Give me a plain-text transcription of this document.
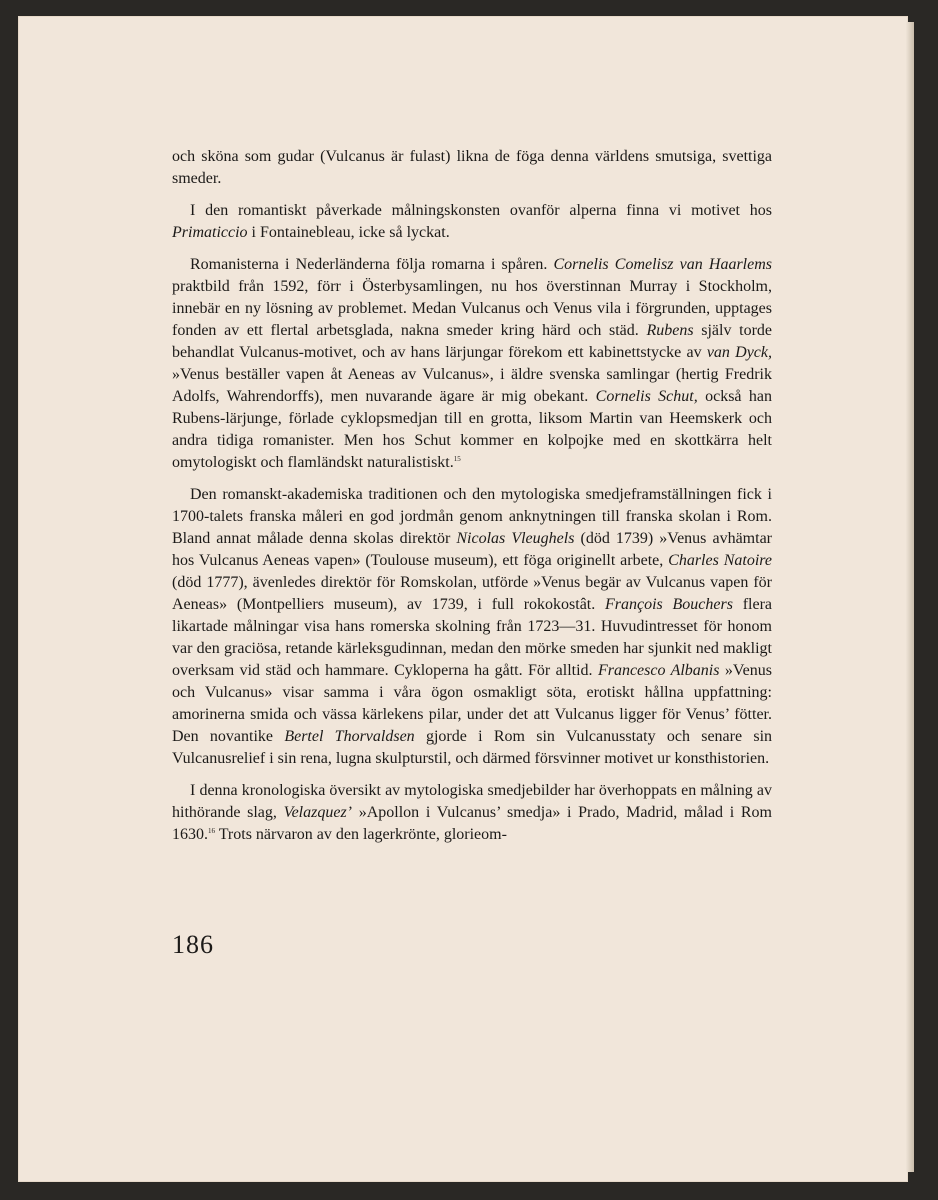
och sköna som gudar (Vulcanus är fulast) likna de föga denna världens smutsiga, svettiga smeder.

I den romantiskt påverkade målningskonsten ovanför alperna finna vi motivet hos Primaticcio i Fontainebleau, icke så lyckat.

Romanisterna i Nederländerna följa romarna i spåren. Cornelis Comelisz van Haarlems praktbild från 1592, förr i Österbysamlingen, nu hos överstinnan Murray i Stockholm, innebär en ny lösning av problemet. Medan Vulcanus och Venus vila i förgrunden, upptages fonden av ett flertal arbetsglada, nakna smeder kring härd och städ. Rubens själv torde behandlat Vulcanus-motivet, och av hans lärjungar förekom ett kabinettstycke av van Dyck, »Venus beställer vapen åt Aeneas av Vulcanus», i äldre svenska samlingar (hertig Fredrik Adolfs, Wahrendorffs), men nuvarande ägare är mig obekant. Cornelis Schut, också han Rubens-lärjunge, förlade cyklopsmedjan till en grotta, liksom Martin van Heemskerk och andra tidiga romanister. Men hos Schut kommer en kolpojke med en skottkärra helt omytologiskt och flamländskt naturalistiskt.$^{15}$

Den romanskt-akademiska traditionen och den mytologiska smedjeframställningen fick i 1700-talets franska måleri en god jordmån genom anknytningen till franska skolan i Rom. Bland annat målade denna skolas direktör Nicolas Vleughels (död 1739) »Venus avhämtar hos Vulcanus Aeneas vapen» (Toulouse museum), ett föga originellt arbete, Charles Natoire (död 1777), ävenledes direktör för Romskolan, utförde »Venus begär av Vulcanus vapen för Aeneas» (Montpelliers museum), av 1739, i full rokokostât. François Bouchers flera likartade målningar visa hans romerska skolning från 1723—31. Huvudintresset för honom var den graciösa, retande kärleksgudinnan, medan den mörke smeden har sjunkit ned makligt overksam vid städ och hammare. Cykloperna ha gått. För alltid. Francesco Albanis »Venus och Vulcanus» visar samma i våra ögon osmakligt söta, erotiskt hållna uppfattning: amorinerna smida och vässa kärlekens pilar, under det att Vulcanus ligger för Venus’ fötter. Den novantike Bertel Thorvaldsen gjorde i Rom sin Vulcanusstaty och senare sin Vulcanusrelief i sin rena, lugna skulpturstil, och därmed försvinner motivet ur konsthistorien.

I denna kronologiska översikt av mytologiska smedjebilder har överhoppats en målning av hithörande slag, Velazquez’ »Apollon i Vulcanus’ smedja» i Prado, Madrid, målad i Rom 1630.16 Trots närvaron av den lagerkrönte, glorieom-

186
